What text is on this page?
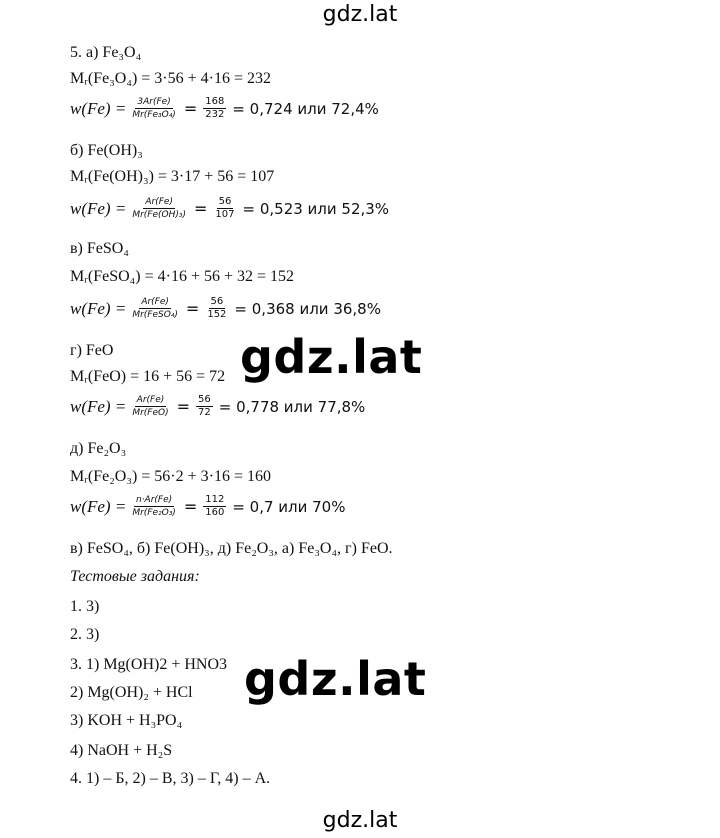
gdz.lat
5. а) Fe₃O₄
Mᵣ(Fe₃O₄) = 3·56 + 4·16 = 232
$w(Fe) = \frac{3Ar(Fe)}{\text{Mr(Fe₃O₄)}} = \frac{168}{232} = 0,724$ или 72,4%
б) Fe(OH)₃
Mᵣ(Fe(OH)₃) = 3·17 + 56 = 107
$w(Fe) = \frac{Ar(Fe)}{\text{Mr(Fe(OH)₃)}} = \frac{56}{107} = 0,523$ или 52,3%
в) FeSO₄
Mᵣ(FeSO₄) = 4·16 + 56 + 32 = 152
$w(Fe) = \frac{Ar(Fe)}{\text{Mr(FeSO₄)}} = \frac{56}{152} = 0,368$ или 36,8%
г) FeO
Mᵣ(FeO) = 16 + 56 = 72
$w(Fe) = \frac{Ar(Fe)}{\text{Mr(FeO)}} = \frac{56}{72} = 0,778$ или 77,8%
д) Fe₂O₃
Mᵣ(Fe₂O₃) = 56·2 + 3·16 = 160
$w(Fe) = \frac{n\cdot Ar(Fe)}{\text{Mr(Fe₂O₃)}} = \frac{112}{160} = 0,7$ или 70%
в) FeSO₄, б) Fe(OH)₃, д) Fe₂O₃, а) Fe₃O₄, г) FeO.
Тестовые задания:
1. 3)
2. 3)
3. 1) Mg(OH)2 + HNO3
2) Mg(OH)₂ + HCl
3) KOH + H₃PO₄
4) NaOH + H₂S
4. 1) – Б, 2) – В, 3) – Г, 4) – А.
gdz.lat
gdz.lat
gdz.lat
